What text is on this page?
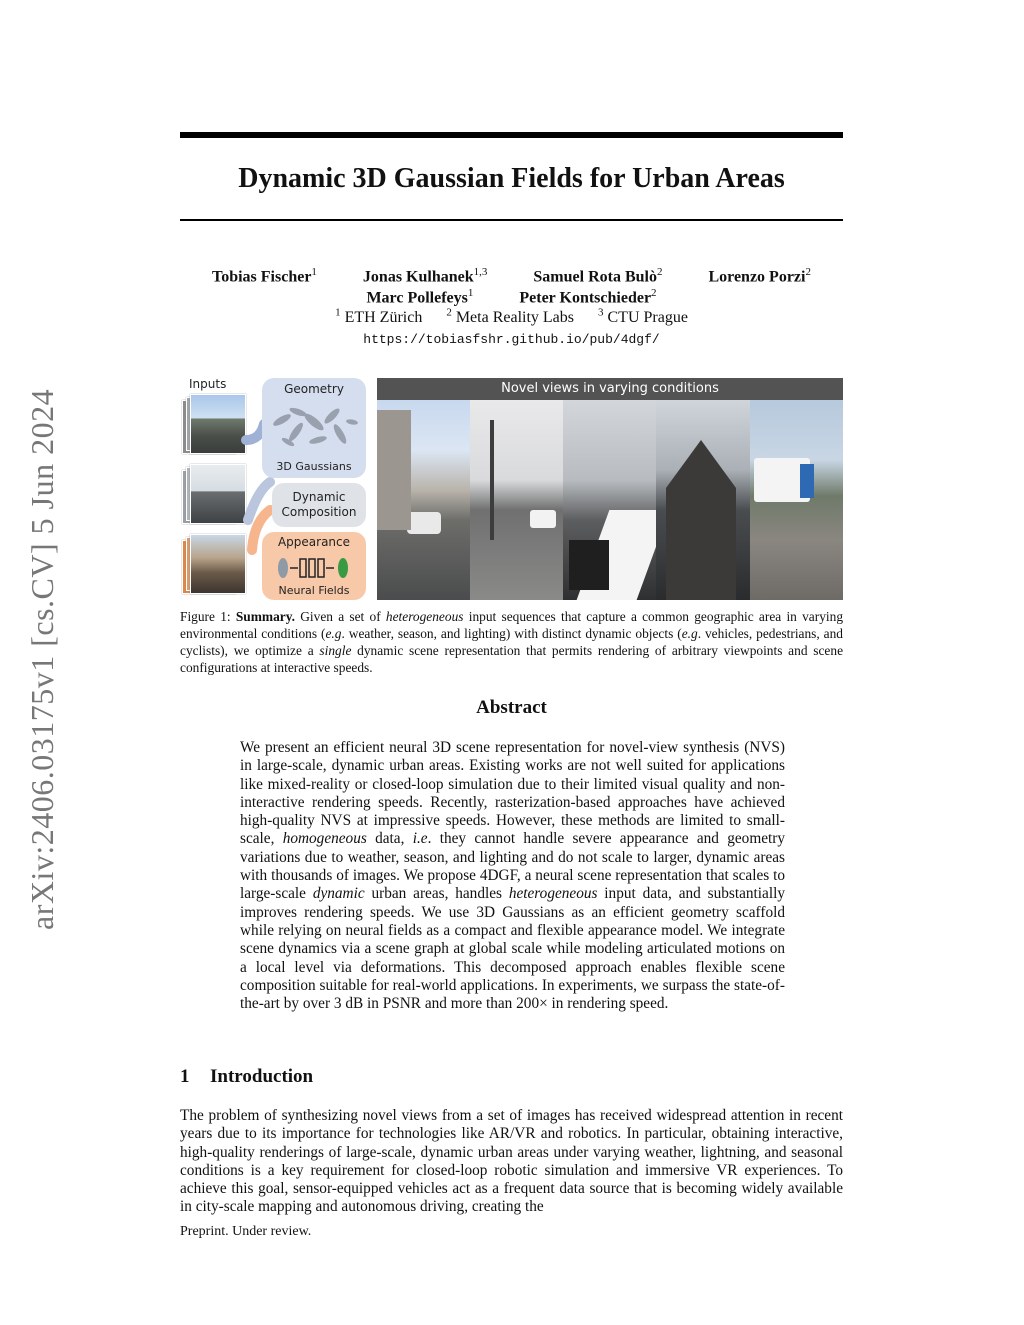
arXiv:2406.03175v1 [cs.CV] 5 Jun 2024
Dynamic 3D Gaussian Fields for Urban Areas
Tobias Fischer$^1$	Jonas Kulhanek$^{1,3}$	Samuel Rota Bulò$^2$	Lorenzo Porzi$^2$
Marc Pollefeys$^1$	Peter Kontschieder$^2$
$^1$ ETH Zürich $^2$ Meta Reality Labs $^3$ CTU Prague
https://tobiasfshr.github.io/pub/4dgf/
Inputs	Geometry
3D Gaussians
Dynamic
Composition
Appearance
Neural Fields
Novel views in varying conditions
Figure 1: Summary. Given a set of heterogeneous input sequences that capture a common geographic area in varying environmental conditions (e.g. weather, season, and lighting) with distinct dynamic objects (e.g. vehicles, pedestrians, and cyclists), we optimize a single dynamic scene representation that permits rendering of arbitrary viewpoints and scene configurations at interactive speeds.
Abstract
We present an efficient neural 3D scene representation for novel-view synthesis (NVS) in large-scale, dynamic urban areas. Existing works are not well suited for applications like mixed-reality or closed-loop simulation due to their limited visual quality and non-interactive rendering speeds. Recently, rasterization-based approaches have achieved high-quality NVS at impressive speeds. However, these methods are limited to small-scale, homogeneous data, i.e. they cannot handle severe appearance and geometry variations due to weather, season, and lighting and do not scale to larger, dynamic areas with thousands of images. We propose 4DGF, a neural scene representation that scales to large-scale dynamic urban areas, handles heterogeneous input data, and substantially improves rendering speeds. We use 3D Gaussians as an efficient geometry scaffold while relying on neural fields as a compact and flexible appearance model. We integrate scene dynamics via a scene graph at global scale while modeling articulated motions on a local level via deformations. This decomposed approach enables flexible scene composition suitable for real-world applications. In experiments, we surpass the state-of-the-art by over 3 dB in PSNR and more than 200× in rendering speed.
1 Introduction
The problem of synthesizing novel views from a set of images has received widespread attention in recent years due to its importance for technologies like AR/VR and robotics. In particular, obtaining interactive, high-quality renderings of large-scale, dynamic urban areas under varying weather, lightning, and seasonal conditions is a key requirement for closed-loop robotic simulation and immersive VR experiences. To achieve this goal, sensor-equipped vehicles act as a frequent data source that is becoming widely available in city-scale mapping and autonomous driving, creating the
Preprint. Under review.
